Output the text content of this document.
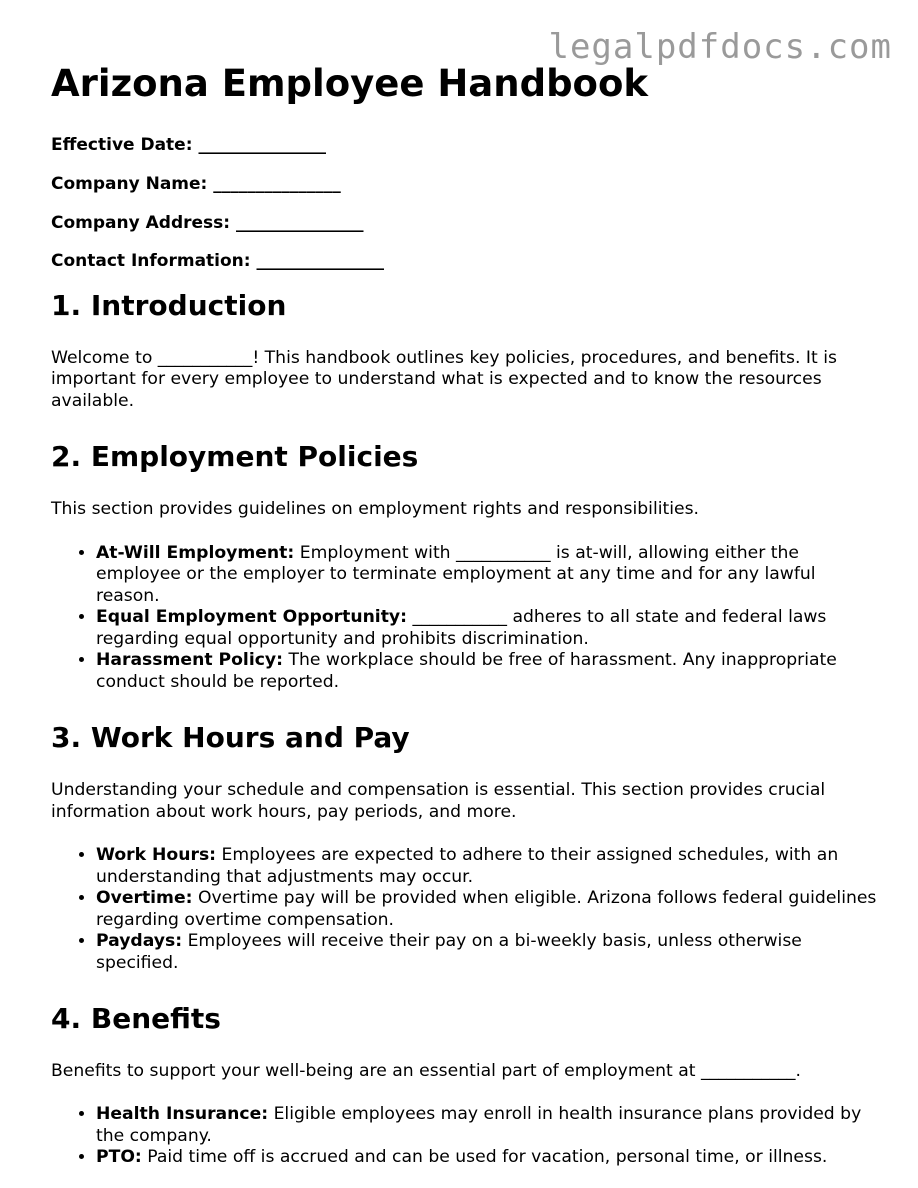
legalpdfdocs.com
Arizona Employee Handbook
Effective Date: _______________
Company Name: _______________
Company Address: _______________
Contact Information: _______________
1. Introduction

Welcome to ___________! This handbook outlines key policies, procedures, and benefits. It is important for every employee to understand what is expected and to know the resources available.

2. Employment Policies

This section provides guidelines on employment rights and responsibilities.

• At-Will Employment: Employment with ___________ is at-will, allowing either the employee or the employer to terminate employment at any time and for any lawful reason.
• Equal Employment Opportunity: ___________ adheres to all state and federal laws regarding equal opportunity and prohibits discrimination.
• Harassment Policy: The workplace should be free of harassment. Any inappropriate conduct should be reported.
3. Work Hours and Pay

Understanding your schedule and compensation is essential. This section provides crucial information about work hours, pay periods, and more.

• Work Hours: Employees are expected to adhere to their assigned schedules, with an understanding that adjustments may occur.
• Overtime: Overtime pay will be provided when eligible. Arizona follows federal guidelines regarding overtime compensation.
• Paydays: Employees will receive their pay on a bi-weekly basis, unless otherwise specified.
4. Benefits

Benefits to support your well-being are an essential part of employment at ___________.

• Health Insurance: Eligible employees may enroll in health insurance plans provided by the company.
• PTO: Paid time off is accrued and can be used for vacation, personal time, or illness.
